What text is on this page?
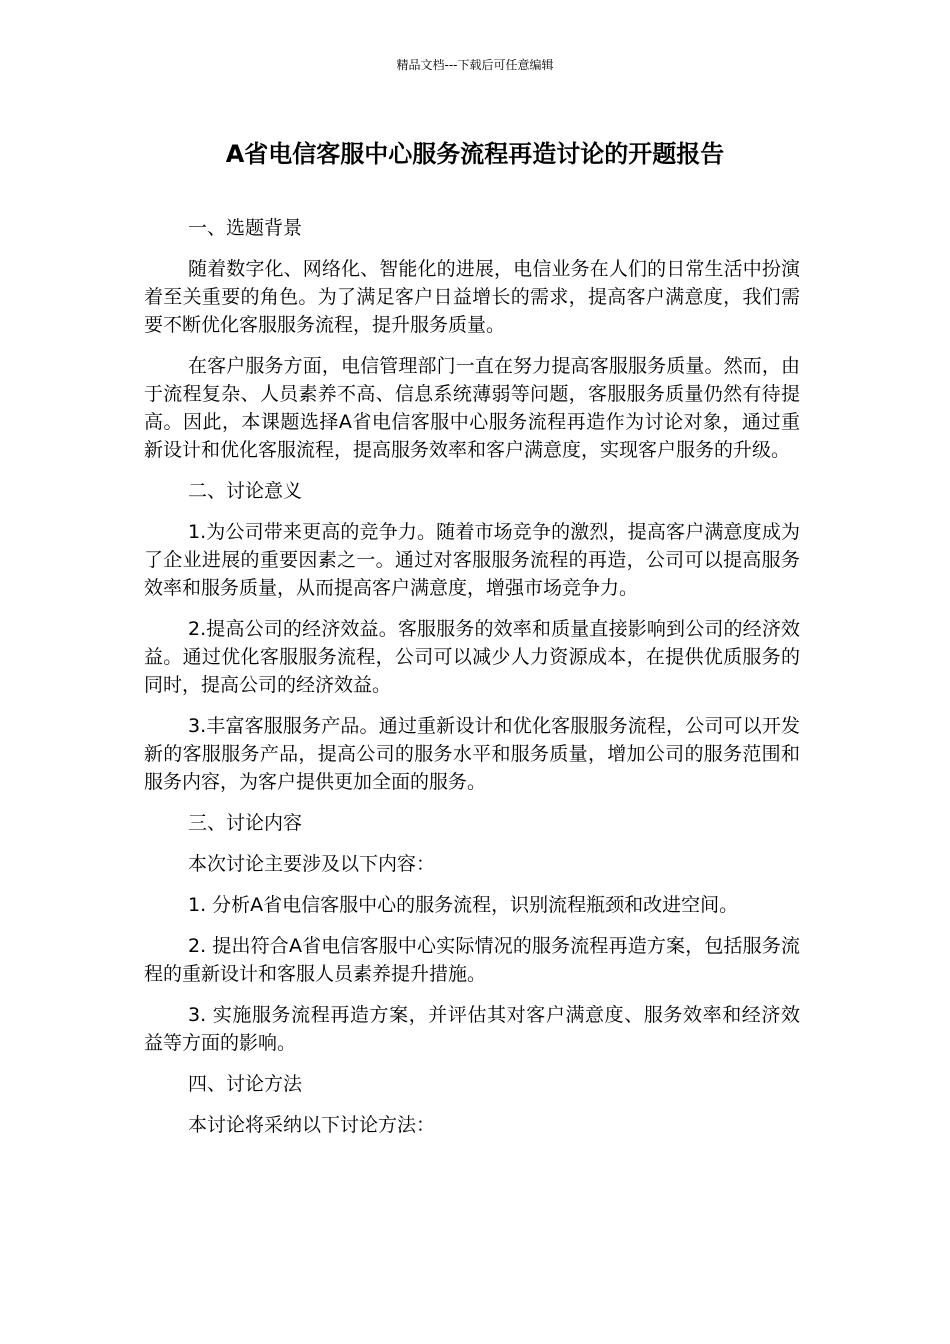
精品文档---下载后可任意编辑
A省电信客服中心服务流程再造讨论的开题报告

一、选题背景

随着数字化、网络化、智能化的进展，电信业务在人们的日常生活中扮演着至关重要的角色。为了满足客户日益增长的需求，提高客户满意度，我们需要不断优化客服服务流程，提升服务质量。

在客户服务方面，电信管理部门一直在努力提高客服服务质量。然而，由于流程复杂、人员素养不高、信息系统薄弱等问题，客服服务质量仍然有待提高。因此，本课题选择A省电信客服中心服务流程再造作为讨论对象，通过重新设计和优化客服流程，提高服务效率和客户满意度，实现客户服务的升级。

二、讨论意义

1.为公司带来更高的竞争力。随着市场竞争的激烈，提高客户满意度成为了企业进展的重要因素之一。通过对客服服务流程的再造，公司可以提高服务效率和服务质量，从而提高客户满意度，增强市场竞争力。

2.提高公司的经济效益。客服服务的效率和质量直接影响到公司的经济效益。通过优化客服服务流程，公司可以减少人力资源成本，在提供优质服务的同时，提高公司的经济效益。

3.丰富客服服务产品。通过重新设计和优化客服服务流程，公司可以开发新的客服服务产品，提高公司的服务水平和服务质量，增加公司的服务范围和服务内容，为客户提供更加全面的服务。

三、讨论内容

本次讨论主要涉及以下内容：

1. 分析A省电信客服中心的服务流程，识别流程瓶颈和改进空间。

2. 提出符合A省电信客服中心实际情况的服务流程再造方案，包括服务流程的重新设计和客服人员素养提升措施。

3. 实施服务流程再造方案，并评估其对客户满意度、服务效率和经济效益等方面的影响。

四、讨论方法

本讨论将采纳以下讨论方法：
